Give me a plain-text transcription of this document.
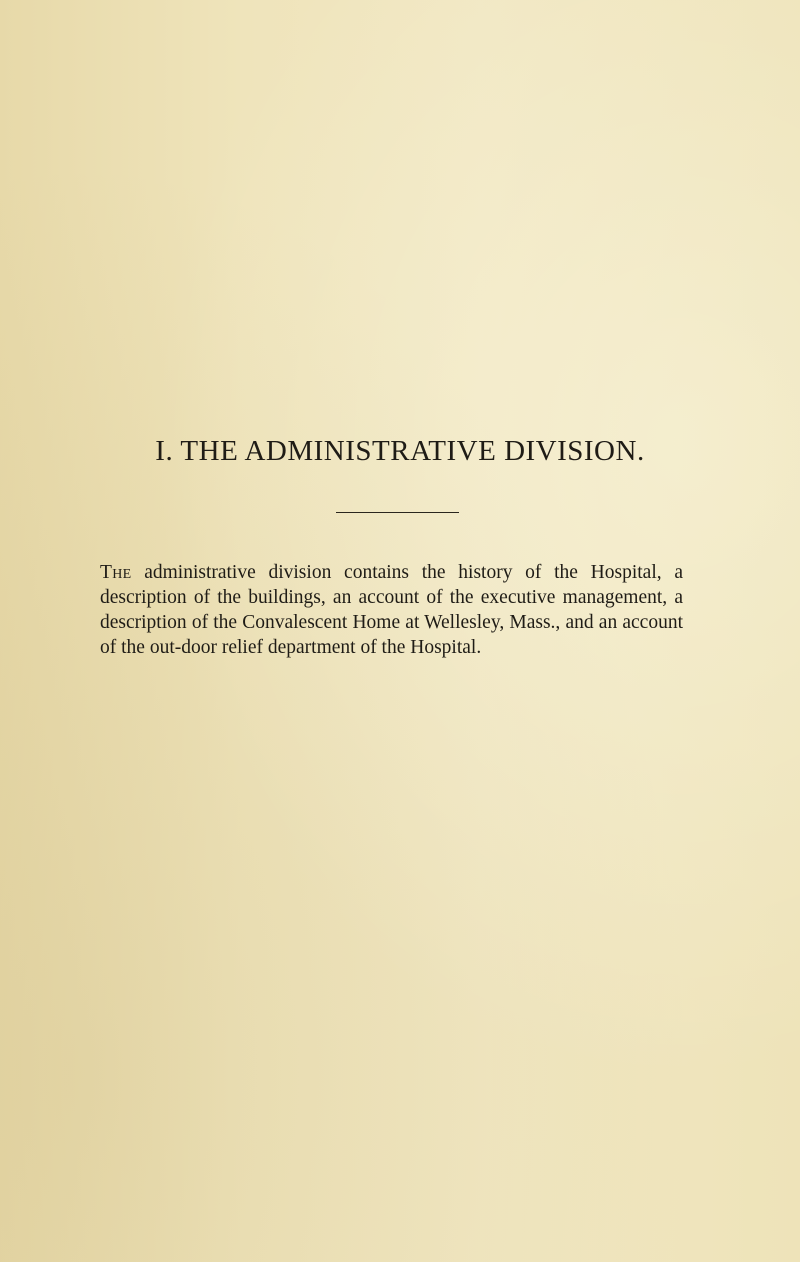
I. THE ADMINISTRATIVE DIVISION.

The administrative division contains the history of the Hospital, a description of the buildings, an account of the executive management, a description of the Convalescent Home at Wellesley, Mass., and an account of the out-door relief department of the Hospital.
